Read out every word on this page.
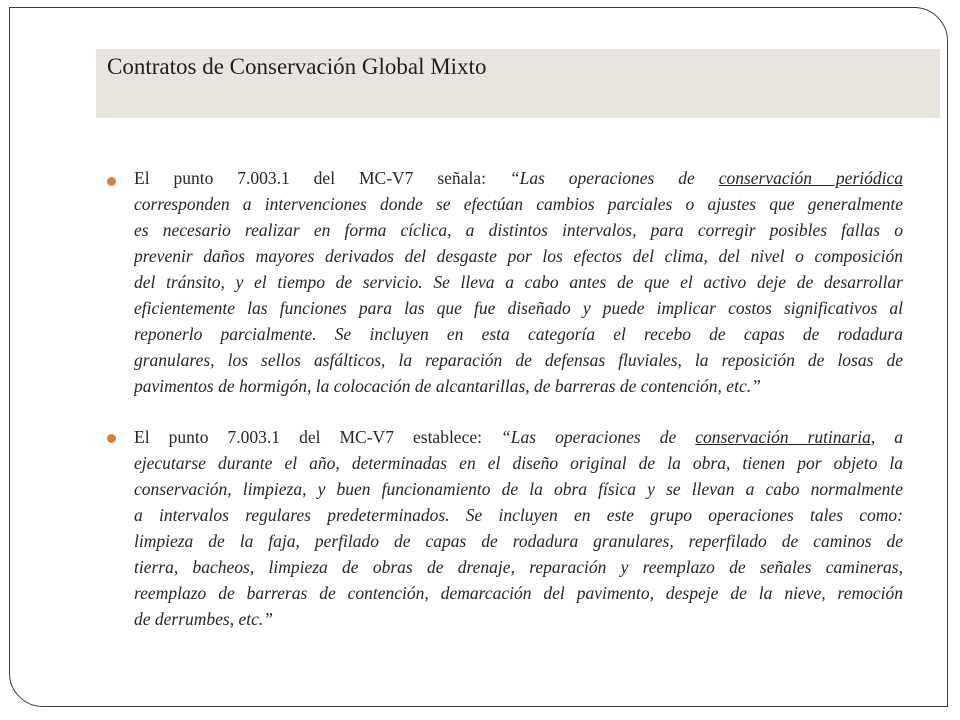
Contratos de Conservación Global Mixto
El punto 7.003.1 del MC-V7 señala: “Las operaciones de conservación periódica
corresponden a intervenciones donde se efectúan cambios parciales o ajustes que generalmente
es necesario realizar en forma cíclica, a distintos intervalos, para corregir posibles fallas o
prevenir daños mayores derivados del desgaste por los efectos del clima, del nivel o composición
del tránsito, y el tiempo de servicio. Se lleva a cabo antes de que el activo deje de desarrollar
eficientemente las funciones para las que fue diseñado y puede implicar costos significativos al
reponerlo parcialmente. Se incluyen en esta categoría el recebo de capas de rodadura
granulares, los sellos asfálticos, la reparación de defensas fluviales, la reposición de losas de
pavimentos de hormigón, la colocación de alcantarillas, de barreras de contención, etc.”
El punto 7.003.1 del MC-V7 establece: “Las operaciones de conservación rutinaria, a
ejecutarse durante el año, determinadas en el diseño original de la obra, tienen por objeto la
conservación, limpieza, y buen funcionamiento de la obra física y se llevan a cabo normalmente
a intervalos regulares predeterminados. Se incluyen en este grupo operaciones tales como:
limpieza de la faja, perfilado de capas de rodadura granulares, reperfilado de caminos de
tierra, bacheos, limpieza de obras de drenaje, reparación y reemplazo de señales camineras,
reemplazo de barreras de contención, demarcación del pavimento, despeje de la nieve, remoción
de derrumbes, etc.”
